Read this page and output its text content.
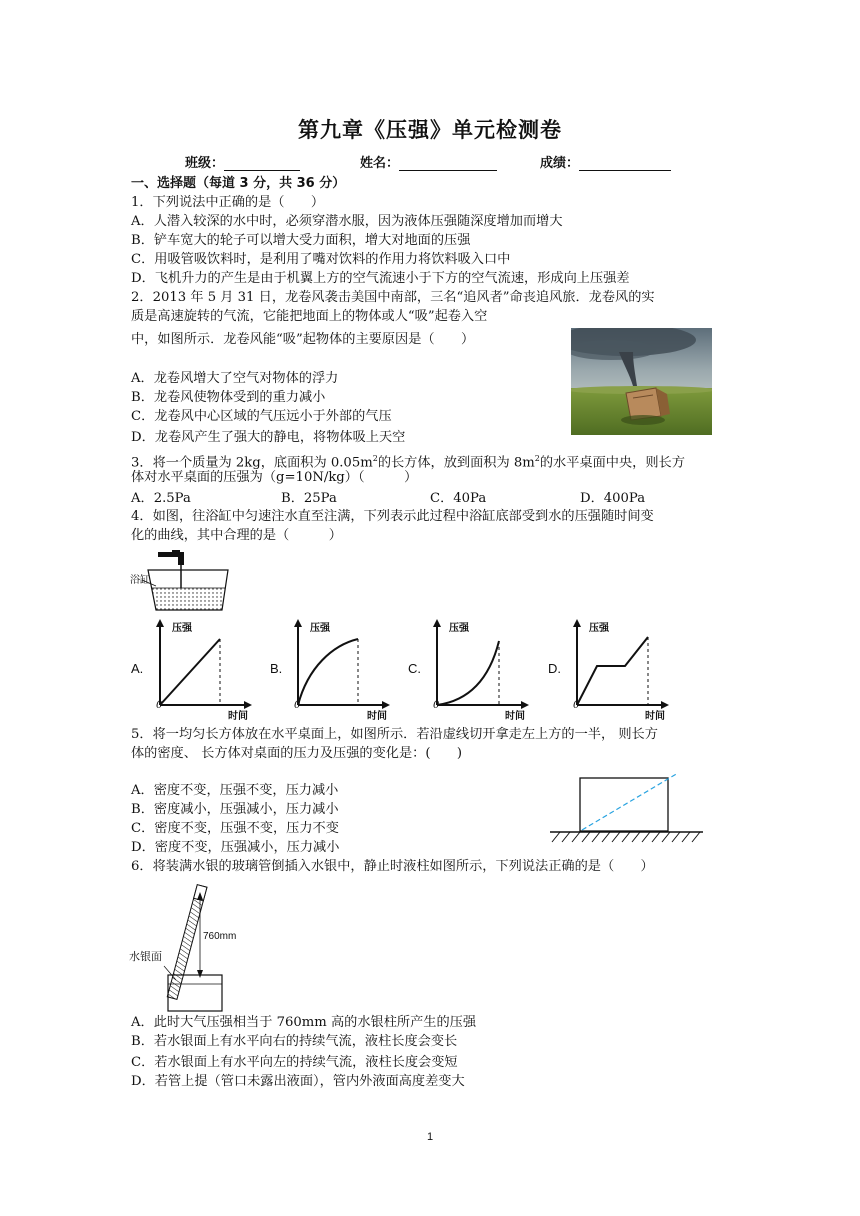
第九章《压强》单元检测卷
班级：	姓名：	成绩：
一、选择题（每道 3 分，共 36 分）
1．下列说法中正确的是（　　）
A．人潜入较深的水中时，必须穿潜水服，因为液体压强随深度增加而增大
B．铲车宽大的轮子可以增大受力面积，增大对地面的压强
C．用吸管吸饮料时，是利用了嘴对饮料的作用力将饮料吸入口中
D．飞机升力的产生是由于机翼上方的空气流速小于下方的空气流速，形成向上压强差
2．2013 年 5 月 31 日，龙卷风袭击美国中南部，三名“追风者”命丧追风旅．龙卷风的实
质是高速旋转的气流，它能把地面上的物体或人“吸”起卷入空
中，如图所示．龙卷风能“吸”起物体的主要原因是（　　）
A．龙卷风增大了空气对物体的浮力
B．龙卷风使物体受到的重力减小
C．龙卷风中心区域的气压远小于外部的气压
D．龙卷风产生了强大的静电，将物体吸上天空
3．将一个质量为 2kg，底面积为 $0.05m^2$的长方体，放到面积为 $8m^2$的水平桌面中央，则长方
体对水平桌面的压强为（g=10N/kg）（　　　）
A．2.5Pa	B．25Pa	C．40Pa	D．400Pa
4．如图，往浴缸中匀速注水直至注满，下列表示此过程中浴缸底部受到水的压强随时间变
化的曲线，其中合理的是（　　　）
浴缸
A.	B.	C.	D.
压强
时间
时间
0
压强
0
压强
时间
0
压强
时间
0
5．将一均匀长方体放在水平桌面上，如图所示．若沿虚线切开拿走左上方的一半， 则长方
体的密度、 长方体对桌面的压力及压强的变化是：(　　)
A．密度不变，压强不变，压力减小
B．密度减小，压强减小，压力减小
C．密度不变，压强不变，压力不变
D．密度不变，压强减小，压力减小
6．将装满水银的玻璃管倒插入水银中，静止时液柱如图所示，下列说法正确的是（　　）
760mm
水银面
A．此时大气压强相当于 760mm 高的水银柱所产生的压强
B．若水银面上有水平向右的持续气流，液柱长度会变长
C．若水银面上有水平向左的持续气流，液柱长度会变短
D．若管上提（管口未露出液面），管内外液面高度差变大
1
